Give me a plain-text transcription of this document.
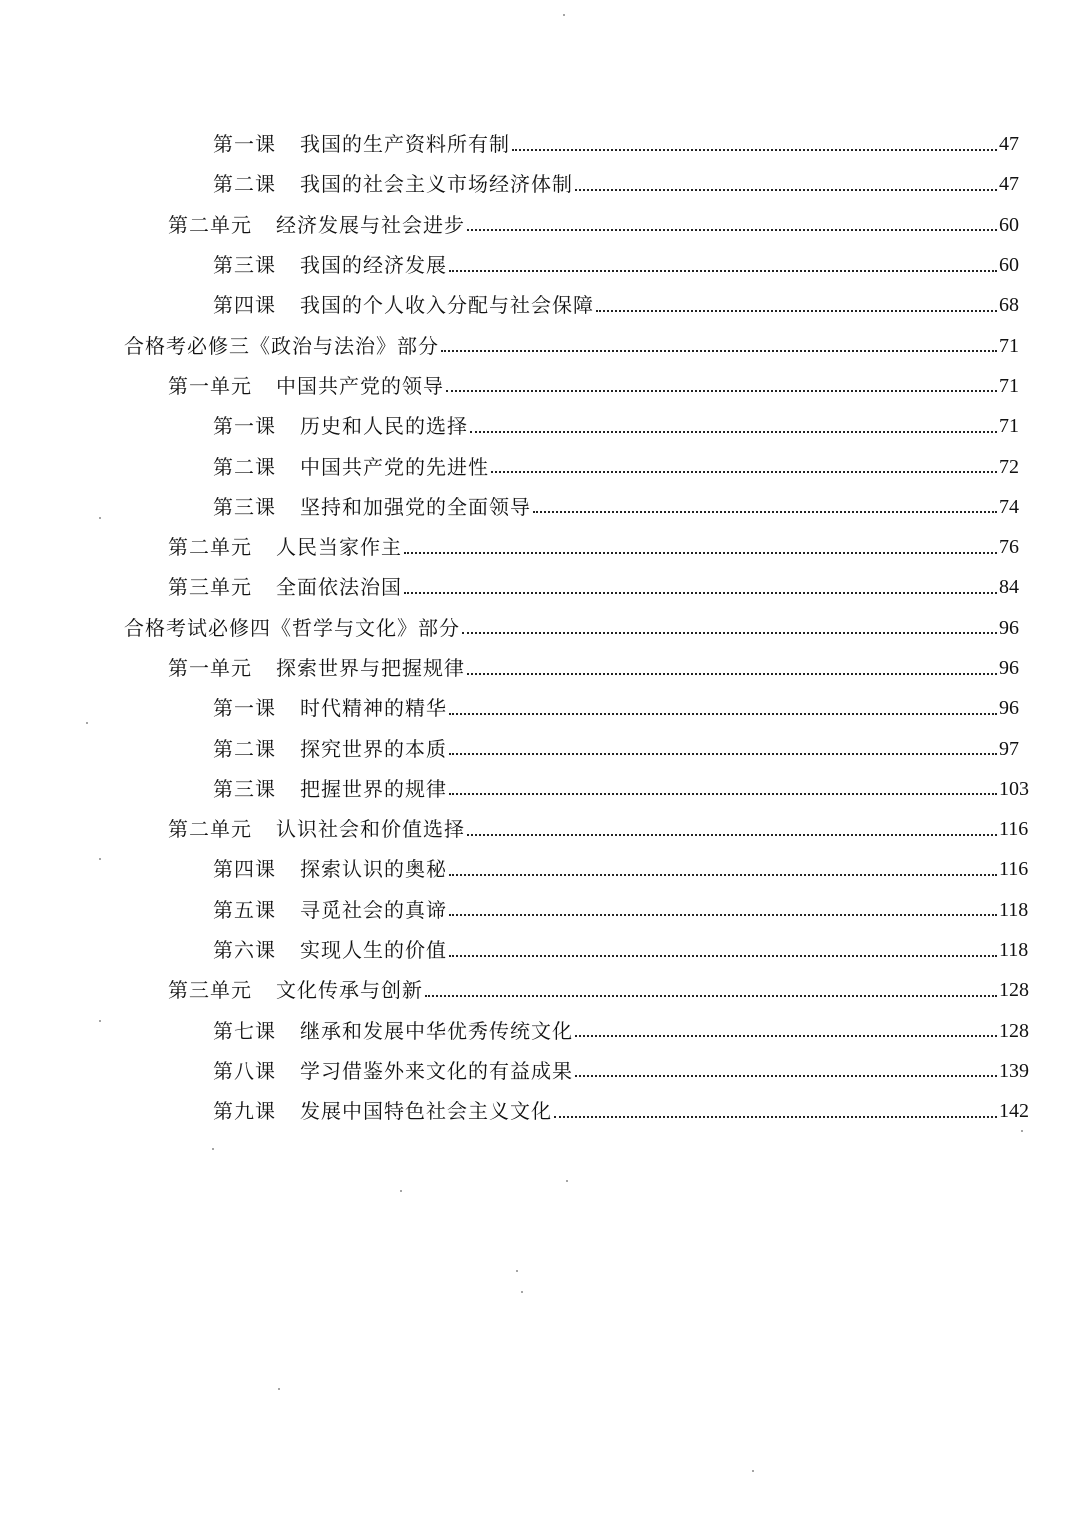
第一课 我国的生产资料所有制	47
第二课 我国的社会主义市场经济体制	47
第二单元 经济发展与社会进步	60
第三课 我国的经济发展	60
第四课 我国的个人收入分配与社会保障	68
合格考必修三《政治与法治》部分	71
第一单元 中国共产党的领导	71
第一课 历史和人民的选择	71
第二课 中国共产党的先进性	72
第三课 坚持和加强党的全面领导	74
第二单元 人民当家作主	76
第三单元 全面依法治国	84
合格考试必修四《哲学与文化》部分	96
第一单元 探索世界与把握规律	96
第一课 时代精神的精华	96
第二课 探究世界的本质	97
第三课 把握世界的规律	103
第二单元 认识社会和价值选择	116
第四课 探索认识的奥秘	116
第五课 寻觅社会的真谛	118
第六课 实现人生的价值	118
第三单元 文化传承与创新	128
第七课 继承和发展中华优秀传统文化	128
第八课 学习借鉴外来文化的有益成果	139
第九课 发展中国特色社会主义文化	142
